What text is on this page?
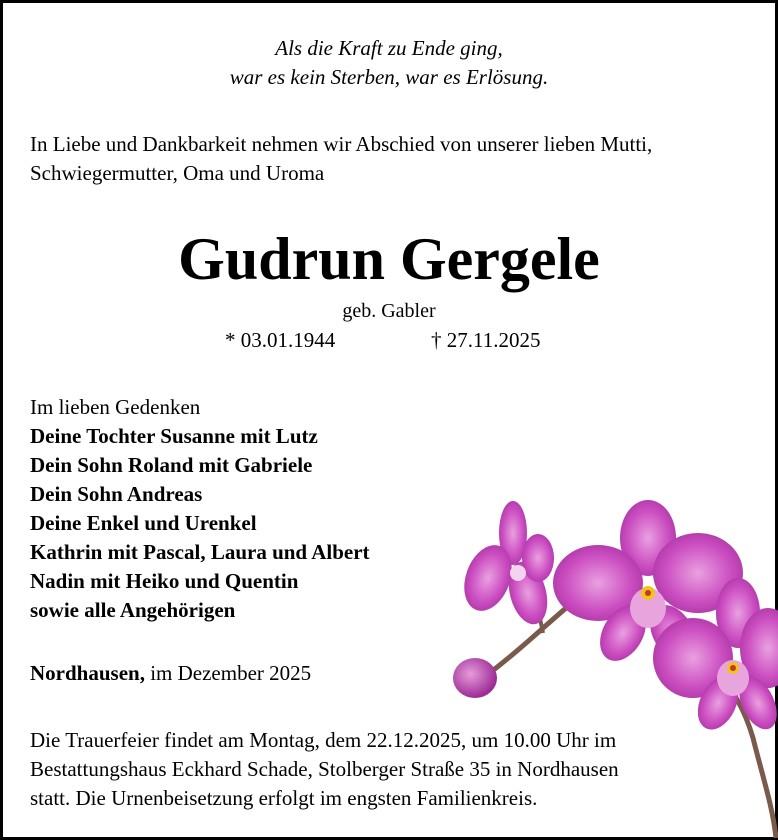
Als die Kraft zu Ende ging,
war es kein Sterben, war es Erlösung.
In Liebe und Dankbarkeit nehmen wir Abschied von unserer lieben Mutti,
Schwiegermutter, Oma und Uroma
Gudrun Gergele
geb. Gabler
* 03.01.1944	† 27.11.2025
Im lieben Gedenken
Deine Tochter Susanne mit Lutz
Dein Sohn Roland mit Gabriele
Dein Sohn Andreas
Deine Enkel und Urenkel
Kathrin mit Pascal, Laura und Albert
Nadin mit Heiko und Quentin
sowie alle Angehörigen
Nordhausen, im Dezember 2025
Die Trauerfeier findet am Montag, dem 22.12.2025, um 10.00 Uhr im
Bestattungshaus Eckhard Schade, Stolberger Straße 35 in Nordhausen
statt. Die Urnenbeisetzung erfolgt im engsten Familienkreis.
